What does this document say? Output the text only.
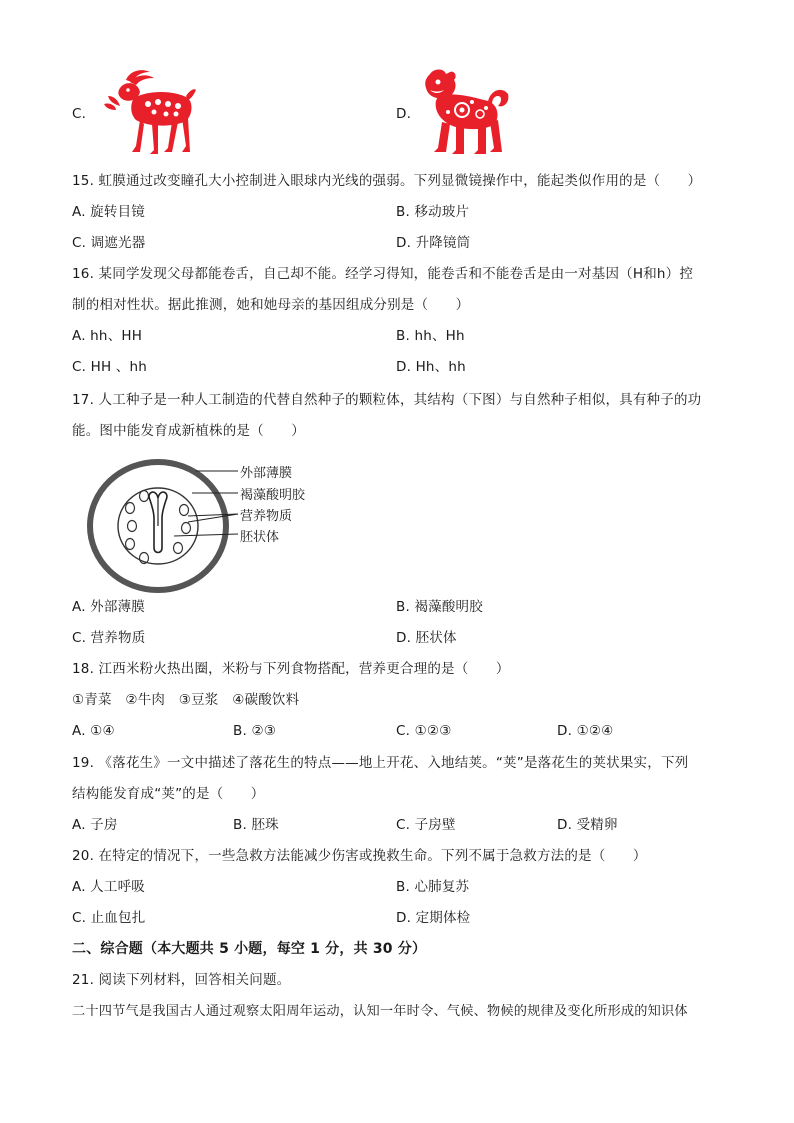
C.	D.
15. 虹膜通过改变瞳孔大小控制进入眼球内光线的强弱。下列显微镜操作中，能起类似作用的是（　　）
A. 旋转目镜	B. 移动玻片
C. 调遮光器	D. 升降镜筒
16. 某同学发现父母都能卷舌，自己却不能。经学习得知，能卷舌和不能卷舌是由一对基因（H和h）控
制的相对性状。据此推测，她和她母亲的基因组成分别是（　　）
A. hh、HH	B. hh、Hh
C. HH 、hh	D. Hh、hh
17. 人工种子是一种人工制造的代替自然种子的颗粒体，其结构（下图）与自然种子相似，具有种子的功
能。图中能发育成新植株的是（　　）
外部薄膜
褐藻酸明胶
营养物质
胚状体
A. 外部薄膜	B. 褐藻酸明胶
C. 营养物质	D. 胚状体
18. 江西米粉火热出圈，米粉与下列食物搭配，营养更合理的是（　　）
①青菜　②牛肉　③豆浆　④碳酸饮料
A. ①④	B. ②③	C. ①②③	D. ①②④
19. 《落花生》一文中描述了落花生的特点——地上开花、入地结荚。“荚”是落花生的荚状果实，下列
结构能发育成“荚”的是（　　）
A. 子房	B. 胚珠	C. 子房壁	D. 受精卵
20. 在特定的情况下，一些急救方法能减少伤害或挽救生命。下列不属于急救方法的是（　　）
A. 人工呼吸	B. 心肺复苏
C. 止血包扎	D. 定期体检
二、综合题（本大题共 5 小题，每空 1 分，共 30 分）
21. 阅读下列材料，回答相关问题。
二十四节气是我国古人通过观察太阳周年运动，认知一年时令、气候、物候的规律及变化所形成的知识体
